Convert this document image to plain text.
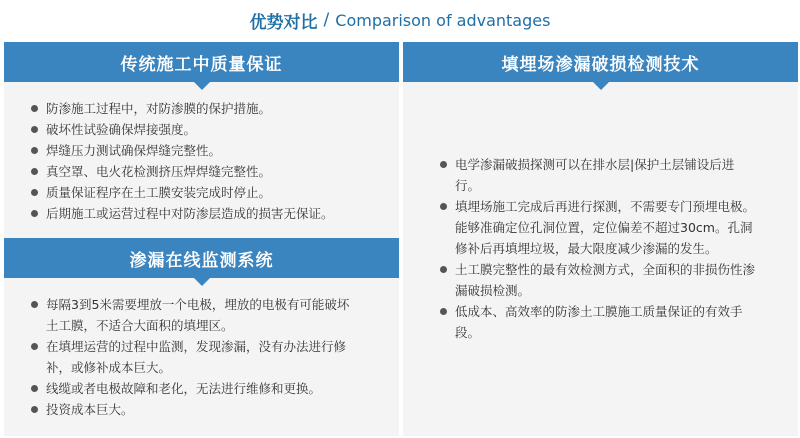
优势对比 / Comparison of advantages
传统施工中质量保证
防渗施工过程中，对防渗膜的保护措施。
破坏性试验确保焊接强度。
焊缝压力测试确保焊缝完整性。
真空罩、电火花检测挤压焊焊缝完整性。
质量保证程序在土工膜安装完成时停止。
后期施工或运营过程中对防渗层造成的损害无保证。
渗漏在线监测系统
每隔3到5米需要埋放一个电极，埋放的电极有可能破坏土工膜，不适合大面积的填埋区。
在填埋运营的过程中监测，发现渗漏，没有办法进行修补，或修补成本巨大。
线缆或者电极故障和老化，无法进行维修和更换。
投资成本巨大。
填埋场渗漏破损检测技术
电学渗漏破损探测可以在排水层|保护土层铺设后进行。
填埋场施工完成后再进行探测，不需要专门预埋电极。能够准确定位孔洞位置，定位偏差不超过30cm。孔洞修补后再填埋垃圾，最大限度减少渗漏的发生。
土工膜完整性的最有效检测方式，全面积的非损伤性渗漏破损检测。
低成本、高效率的防渗土工膜施工质量保证的有效手段。
